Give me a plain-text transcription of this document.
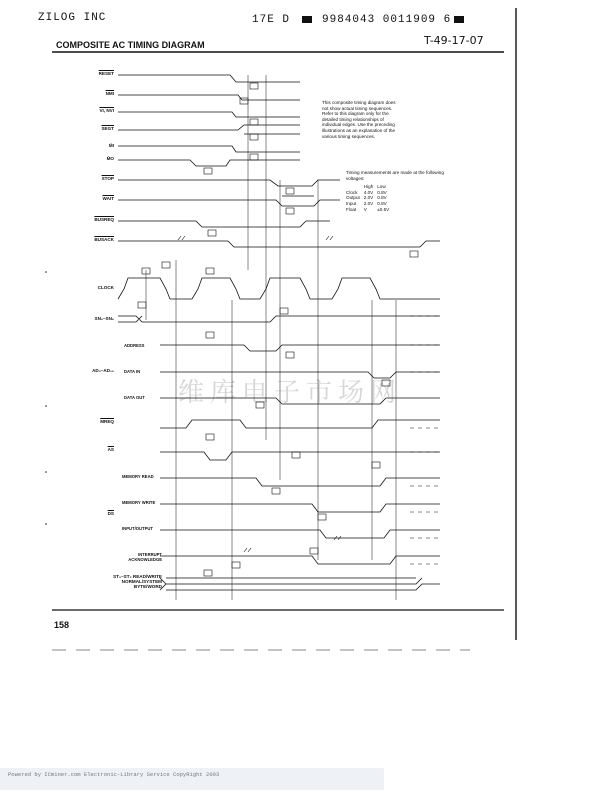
ZILOG INC	17E D	9984043 0011909 6
COMPOSITE AC TIMING DIAGRAM	T-49-17-07
维库电子市场网
This composite timing diagram does not show actual timing sequences. Refer to this diagram only for the detailed timing relationships of individual edges. Use the preceding illustrations as an explanation of the various timing sequences.
Timing measurements are made at the following voltages:
	High	Low
Clock	4.0V	0.8V
Output	2.0V	0.8V
Input	2.0V	0.8V
Float	V	±0.5V
RESET
$\overline{NMI}$
VI, NVI
SEGT
M̄I
M̄O
STOP
WAIT
BUSREQ
BUSACK
CLOCK
SN₀–SN₆
AD₀–AD₁₅
MREQ
$\overline{AS}$
$\overline{DS}$
ST₀–ST₃ READ/WRITE NORMAL/SYSTEM BYTE/WORD
ADDRESS
DATA IN
DATA OUT
MEMORY READ
MEMORY WRITE
INPUT/OUTPUT
INTERRUPT ACKNOWLEDGE
158
Powered by ICminer.com Electronic-Library Service CopyRight 2003
